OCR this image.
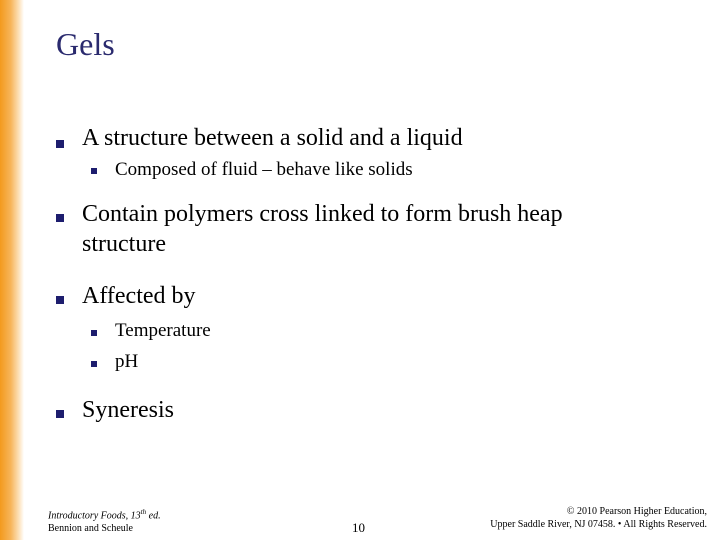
Gels
A structure between a solid and a liquid
Composed of fluid – behave like solids
Contain polymers cross linked to form brush heap
structure
Affected by
Temperature
pH
Syneresis
Introductory Foods, 13th ed.
Bennion and Scheule	10
© 2010 Pearson Higher Education,
Upper Saddle River, NJ 07458. • All Rights Reserved.
